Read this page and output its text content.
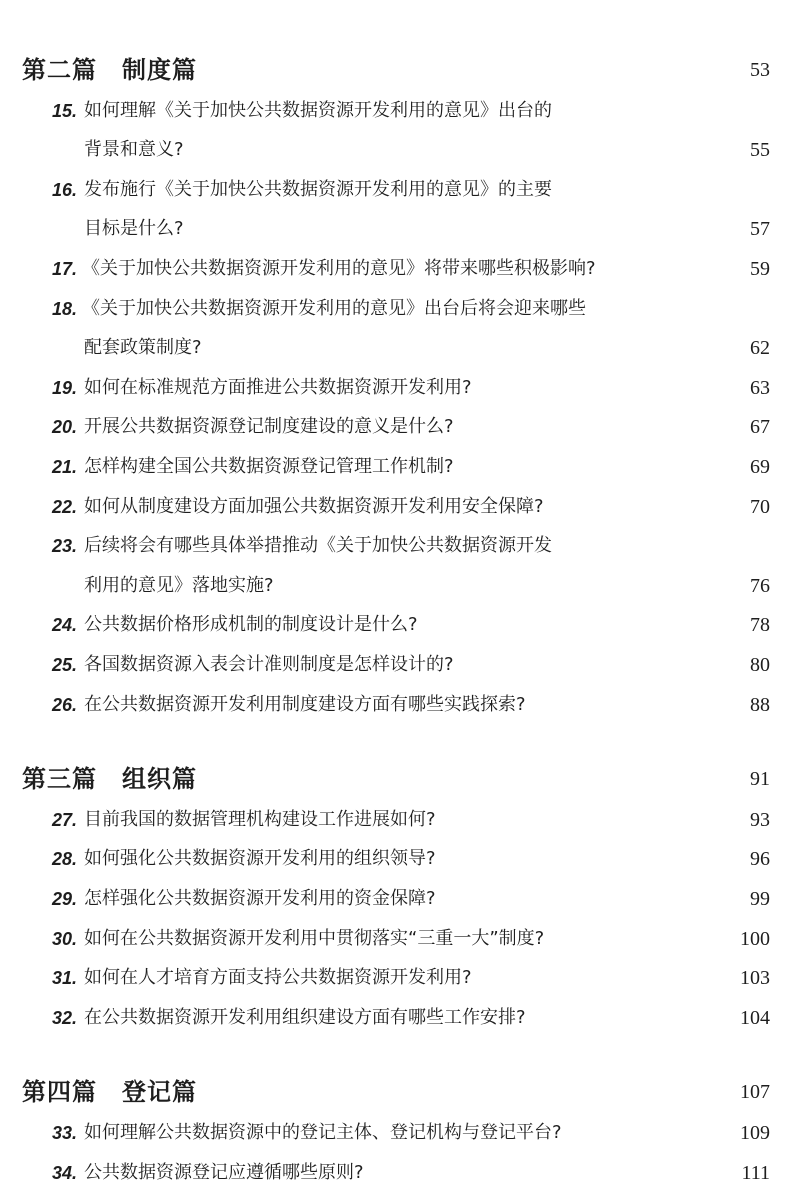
第二篇　制度篇	53
15. 如何理解《关于加快公共数据资源开发利用的意见》出台的
背景和意义?	55
16. 发布施行《关于加快公共数据资源开发利用的意见》的主要
目标是什么?	57
17. 《关于加快公共数据资源开发利用的意见》将带来哪些积极影响?	59
18. 《关于加快公共数据资源开发利用的意见》出台后将会迎来哪些
配套政策制度?	62
19. 如何在标准规范方面推进公共数据资源开发利用?	63
20. 开展公共数据资源登记制度建设的意义是什么?	67
21. 怎样构建全国公共数据资源登记管理工作机制?	69
22. 如何从制度建设方面加强公共数据资源开发利用安全保障?	70
23. 后续将会有哪些具体举措推动《关于加快公共数据资源开发
利用的意见》落地实施?	76
24. 公共数据价格形成机制的制度设计是什么?	78
25. 各国数据资源入表会计准则制度是怎样设计的?	80
26. 在公共数据资源开发利用制度建设方面有哪些实践探索?	88
第三篇　组织篇	91
27. 目前我国的数据管理机构建设工作进展如何?	93
28. 如何强化公共数据资源开发利用的组织领导?	96
29. 怎样强化公共数据资源开发利用的资金保障?	99
30. 如何在公共数据资源开发利用中贯彻落实“三重一大”制度?	100
31. 如何在人才培育方面支持公共数据资源开发利用?	103
32. 在公共数据资源开发利用组织建设方面有哪些工作安排?	104
第四篇　登记篇	107
33. 如何理解公共数据资源中的登记主体、登记机构与登记平台?	109
34. 公共数据资源登记应遵循哪些原则?	111
